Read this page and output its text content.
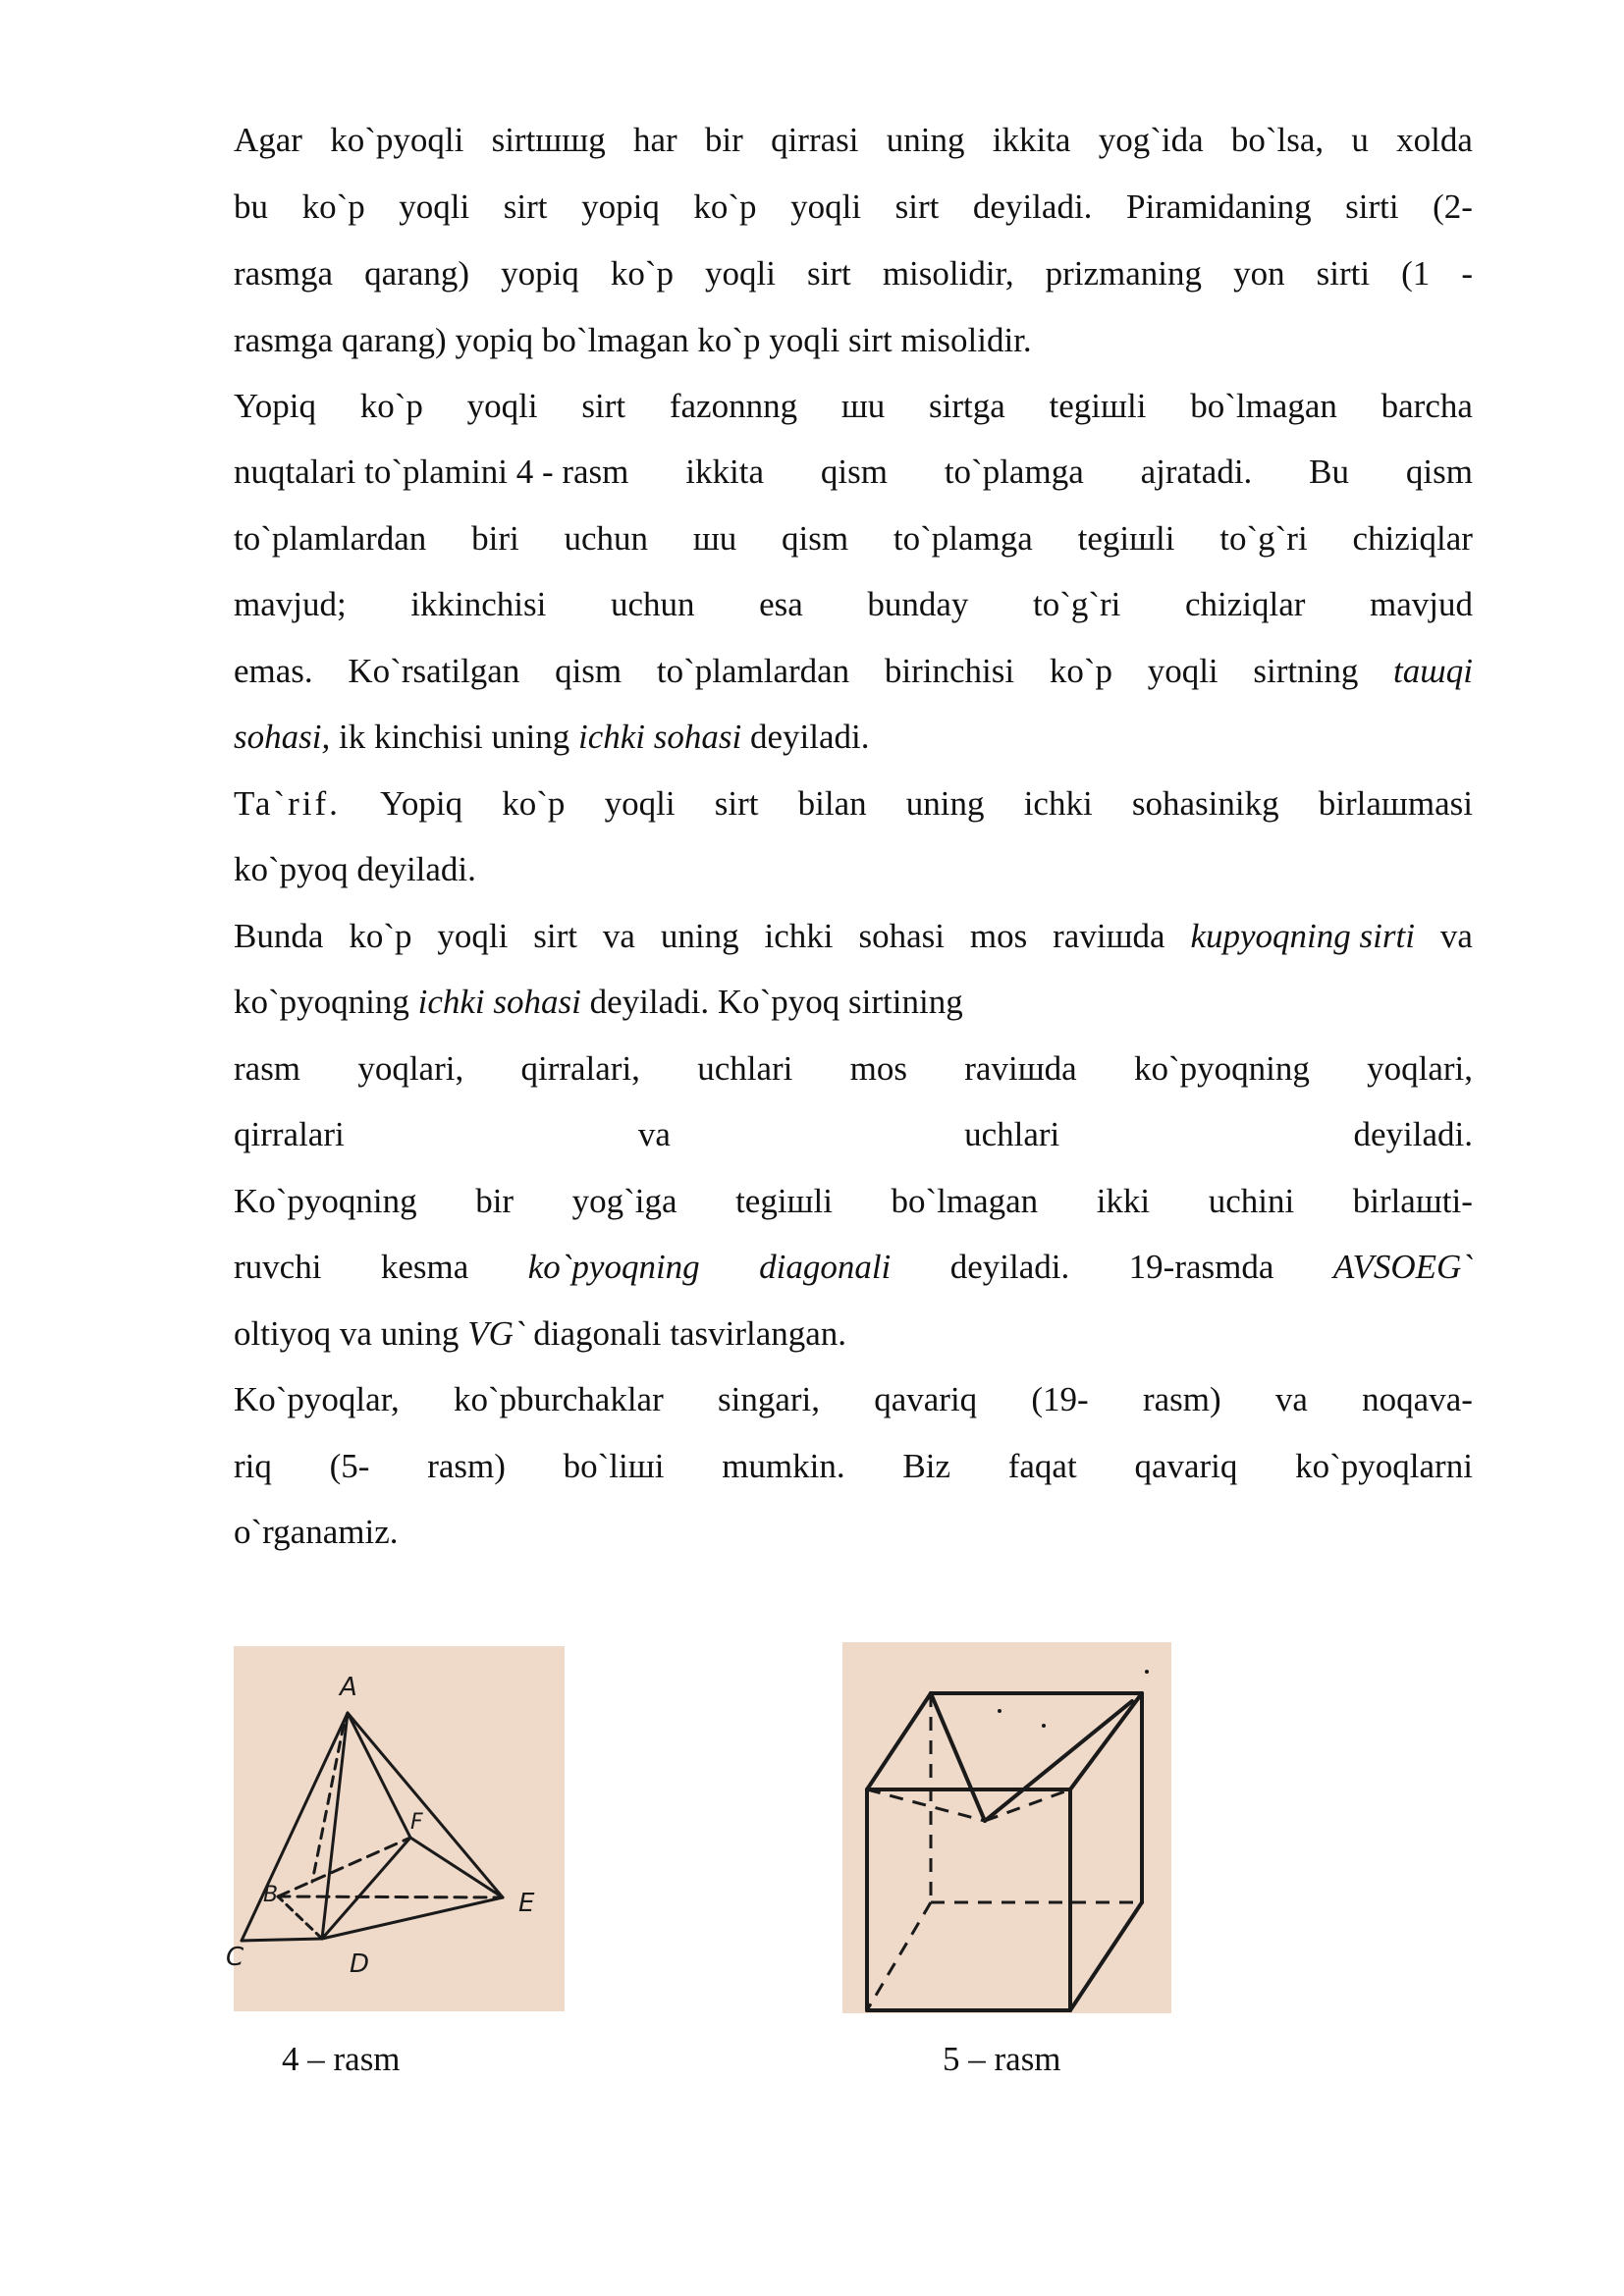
Agar ko`pyoqli sirtшшg har bir qirrasi uning ikkita yog`ida bo`lsa, u xolda
bu ko`p yoqli sirt yopiq ko`p yoqli sirt deyiladi. Piramidaning sirti (2-
rasmga qarang) yopiq ko`p yoqli sirt misolidir, prizmaning yon sirti (1 -
rasmga qarang) yopiq bo`lmagan ko`p yoqli sirt misolidir.
Yopiq ko`p yoqli sirt fazonnng шu sirtga tegiшli bo`lmagan barcha
nuqtalari to`plamini 4 - rasm ikkita qism to`plamga ajratadi. Bu qism
to`plamlardan biri uchun шu qism to`plamga tegiшli to`g`ri chiziqlar
mavjud; ikkinchisi uchun esa bunday to`g`ri chiziqlar mavjud
emas. Ko`rsatilgan qism to`plamlardan birinchisi ko`p yoqli sirtning taшqi
sohasi, ik kinchisi uning ichki sohasi deyiladi.
Ta`rif. Yopiq ko`p yoqli sirt bilan uning ichki sohasinikg birlaшmasi
ko`pyoq deyiladi.
Bunda ko`p yoqli sirt va uning ichki sohasi mos raviшda kupyoqning sirti va
ko`pyoqning ichki sohasi deyiladi. Ko`pyoq sirtining
rasm yoqlari, qirralari, uchlari mos raviшda ko`pyoqning yoqlari,
qirralari	va	uchlari	deyiladi.
Ko`pyoqning bir yog`iga tegiшli bo`lmagan ikki uchini birlaшti-
ruvchi kesma ko`pyoqning diagonali deyiladi. 19-rasmda AVSOEG`
oltiyoq va uning VG` diagonali tasvirlangan.
Ko`pyoqlar, ko`pburchaklar singari, qavariq (19- rasm) va noqava-
riq (5- rasm) bo`liшi mumkin. Biz faqat qavariq ko`pyoqlarni
o`rganamiz.
A
F
B	E
D
C
4 – rasm	5 – rasm
